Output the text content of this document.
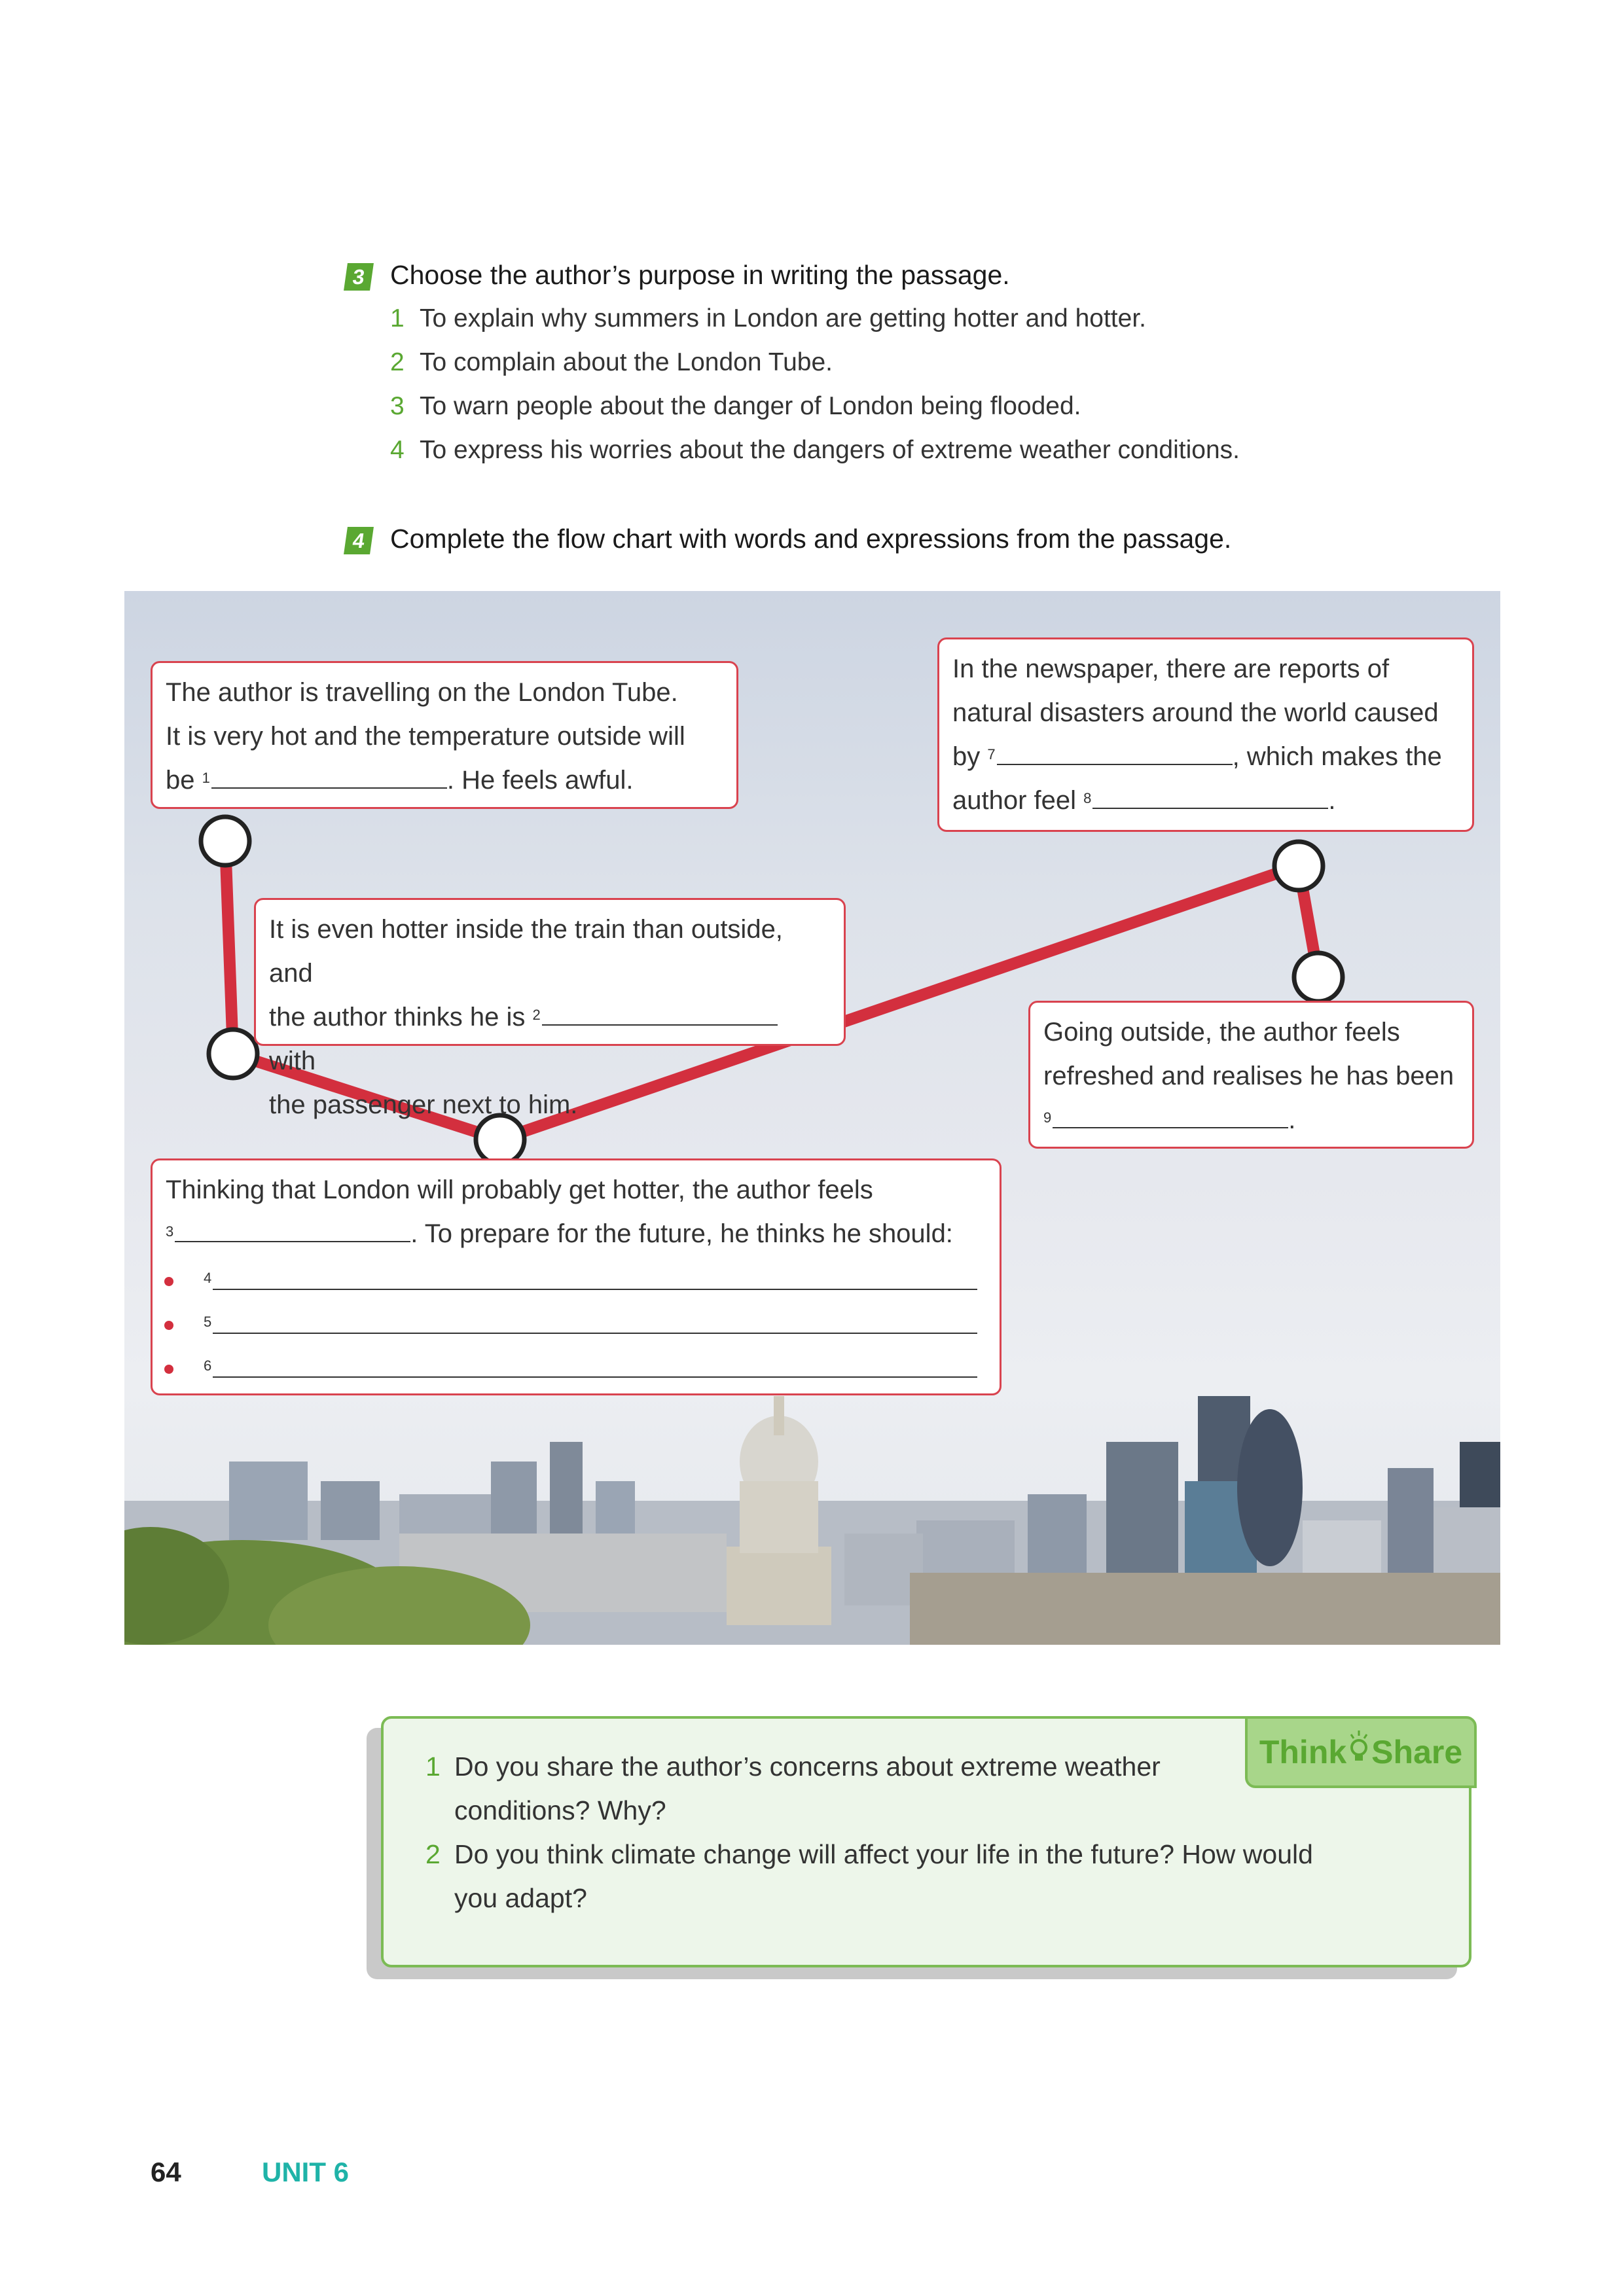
3 Choose the author’s purpose in writing the passage.
1 To explain why summers in London are getting hotter and hotter.
2 To complain about the London Tube.
3 To warn people about the danger of London being flooded.
4 To express his worries about the dangers of extreme weather conditions.
4 Complete the flow chart with words and expressions from the passage.
The author is travelling on the London Tube.
It is very hot and the temperature outside will
be $^1$	. He feels awful.
It is even hotter inside the train than outside, and
the author thinks he is $^2$ with
the passenger next to him.
Thinking that London will probably get hotter, the author feels
$^3$	. To prepare for the future, he thinks he should:
4
5
6
In the newspaper, there are reports of
natural disasters around the world caused
by $^7$	, which makes the
author feel $^8$	.
Going outside, the author feels
refreshed and realises he has been
$^9$	.
Think Share
1 Do you share the author’s concerns about extreme weather
conditions? Why?
2 Do you think climate change will affect your life in the future? How would
you adapt?
64	UNIT 6
